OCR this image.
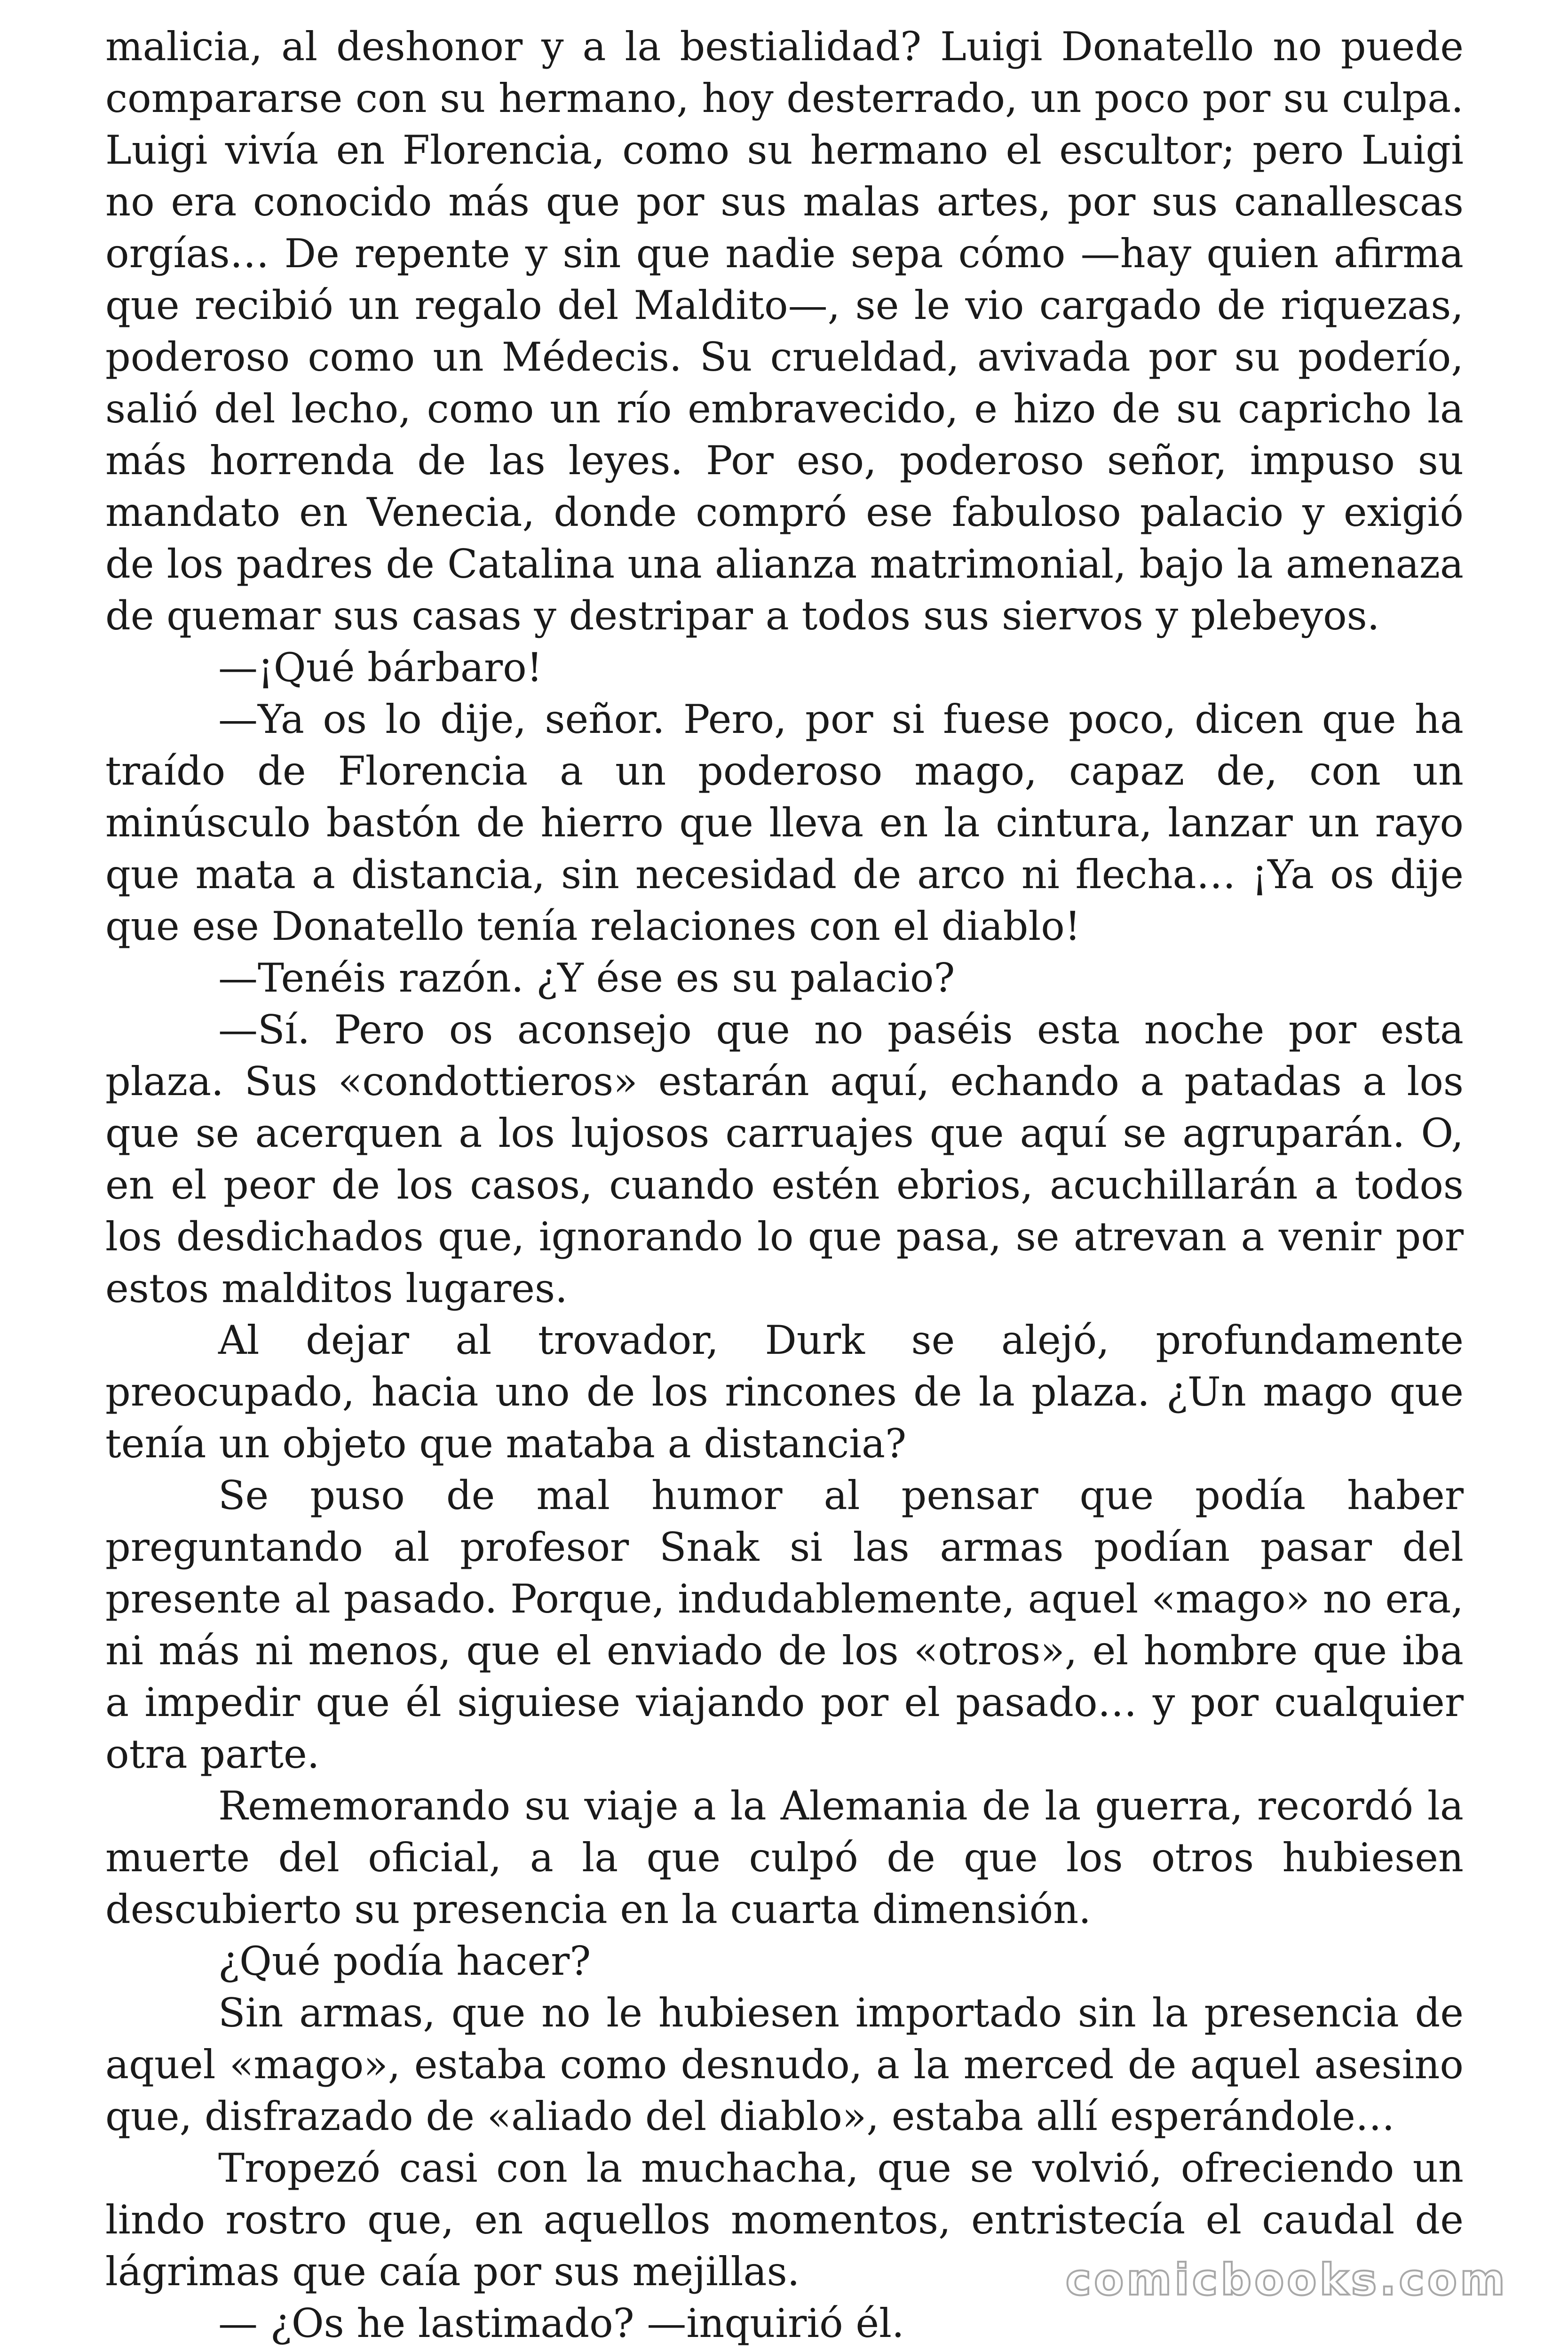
malicia, al deshonor y a la bestialidad? Luigi Donatello no puede compararse con su hermano, hoy desterrado, un poco por su culpa. Luigi vivía en Florencia, como su hermano el escultor; pero Luigi no era conocido más que por sus malas artes, por sus canallescas orgías… De repente y sin que nadie sepa cómo —hay quien afirma que recibió un regalo del Maldito—, se le vio cargado de riquezas, poderoso como un Médecis. Su crueldad, avivada por su poderío, salió del lecho, como un río embravecido, e hizo de su capricho la más horrenda de las leyes. Por eso, poderoso señor, impuso su mandato en Venecia, donde compró ese fabuloso palacio y exigió de los padres de Catalina una alianza matrimonial, bajo la amenaza de quemar sus casas y destripar a todos sus siervos y plebeyos.

—¡Qué bárbaro!

—Ya os lo dije, señor. Pero, por si fuese poco, dicen que ha traído de Florencia a un poderoso mago, capaz de, con un minúsculo bastón de hierro que lleva en la cintura, lanzar un rayo que mata a distancia, sin necesidad de arco ni flecha… ¡Ya os dije que ese Donatello tenía relaciones con el diablo!

—Tenéis razón. ¿Y ése es su palacio?

—Sí. Pero os aconsejo que no paséis esta noche por esta plaza. Sus «condottieros» estarán aquí, echando a patadas a los que se acerquen a los lujosos carruajes que aquí se agruparán. O, en el peor de los casos, cuando estén ebrios, acuchillarán a todos los desdichados que, ignorando lo que pasa, se atrevan a venir por estos malditos lugares.

Al dejar al trovador, Durk se alejó, profundamente preocupado, hacia uno de los rincones de la plaza. ¿Un mago que tenía un objeto que mataba a distancia?

Se puso de mal humor al pensar que podía haber preguntando al profesor Snak si las armas podían pasar del presente al pasado. Porque, indudablemente, aquel «mago» no era, ni más ni menos, que el enviado de los «otros», el hombre que iba a impedir que él siguiese viajando por el pasado… y por cualquier otra parte.

Rememorando su viaje a la Alemania de la guerra, recordó la muerte del oficial, a la que culpó de que los otros hubiesen descubierto su presencia en la cuarta dimensión.

¿Qué podía hacer?

Sin armas, que no le hubiesen importado sin la presencia de aquel «mago», estaba como desnudo, a la merced de aquel asesino que, disfrazado de «aliado del diablo», estaba allí esperándole…

Tropezó casi con la muchacha, que se volvió, ofreciendo un lindo rostro que, en aquellos momentos, entristecía el caudal de lágrimas que caía por sus mejillas.

— ¿Os he lastimado? —inquirió él.

comicbooks.com
